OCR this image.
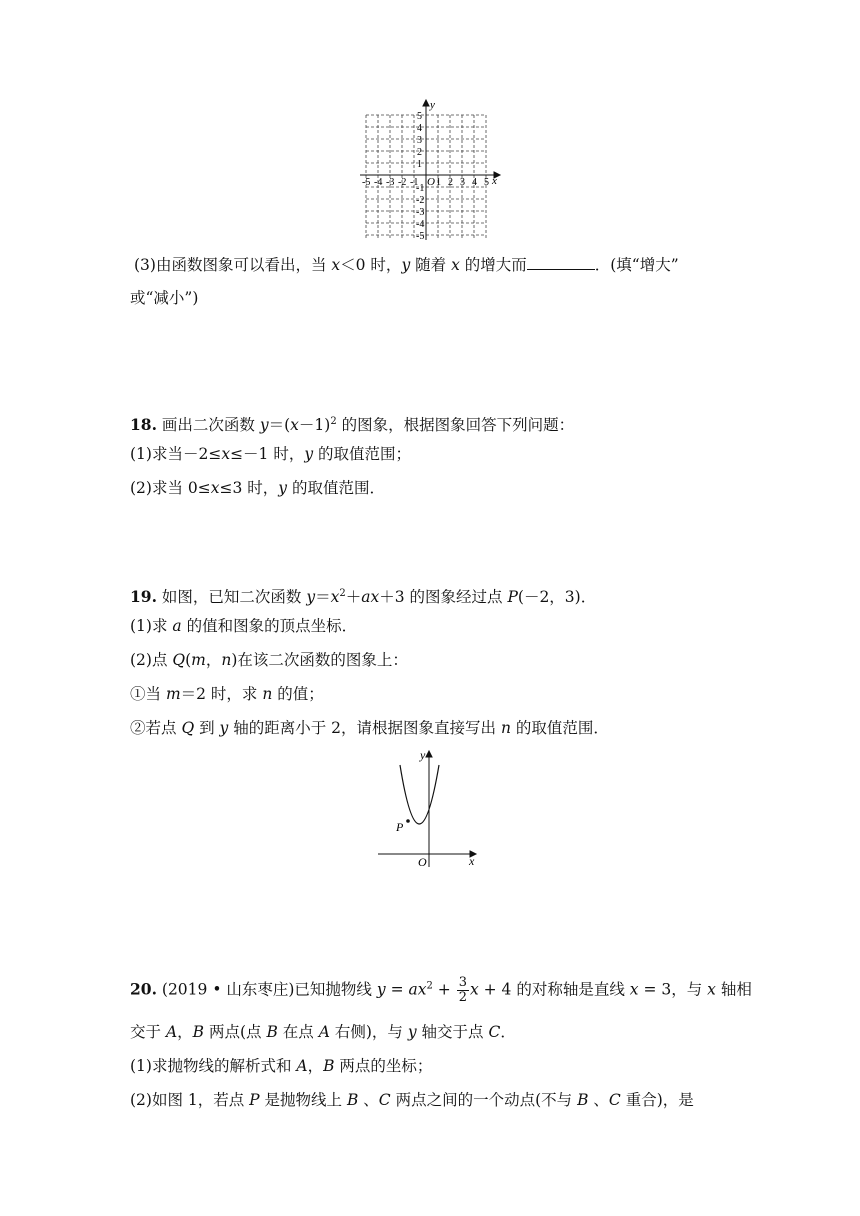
x
y
O
-5 -4 -3 -2 -1 1 2 3 4 5
5
4
3
2
1
-1
-2
-3
-4
-5
(3)由函数图象可以看出，当 x＜0 时，y 随着 x 的增大而	．(填“增大”
或“减小”)
18. 画出二次函数 $y=(x-1)^2$ 的图象，根据图象回答下列问题：
(1)求当－2≤x≤－1 时，y 的取值范围；
(2)求当 0≤x≤3 时，y 的取值范围．
19. 如图，已知二次函数 $y=x^2+ax+3$ 的图象经过点 P(－2，3)．
(1)求 a 的值和图象的顶点坐标．
(2)点 Q(m，n)在该二次函数的图象上：
①当 m＝2 时，求 n 的值；
②若点 Q 到 y 轴的距离小于 2，请根据图象直接写出 n 的取值范围．
y
x
O
P
20. (2019 • 山东枣庄)已知抛物线 $y = ax^2 + \frac{3}{2}$ x + 4 的对称轴是直线 x = 3，与 x 轴相
交于 A，B 两点(点 B 在点 A 右侧)，与 y 轴交于点 C．
(1)求抛物线的解析式和 A，B 两点的坐标；
(2)如图 1，若点 P 是抛物线上 B 、C 两点之间的一个动点(不与 B 、C 重合)，是
